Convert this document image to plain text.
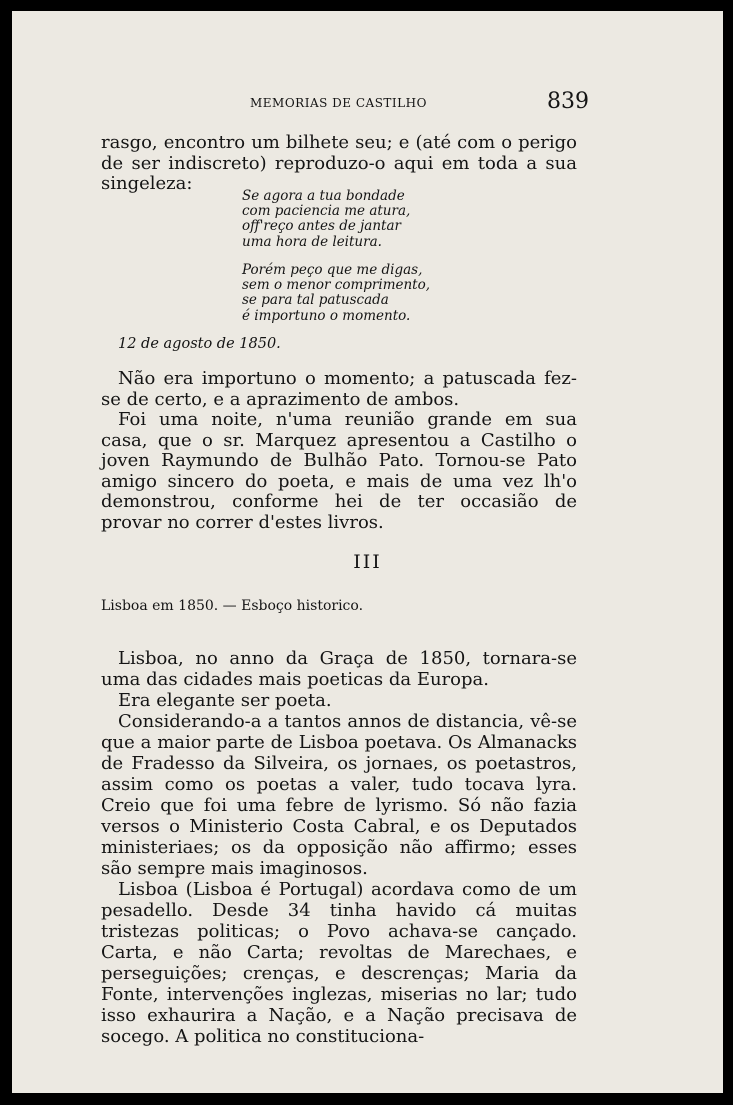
MEMORIAS DE CASTILHO	839

rasgo, encontro um bilhete seu; e (até com o perigo de ser indiscreto) reproduzo-o aqui em toda a sua singeleza:

Se agora a tua bondade
com paciencia me atura,
off'reço antes de jantar
uma hora de leitura.
Porém peço que me digas,
sem o menor comprimento,
se para tal patuscada
é importuno o momento.
12 de agosto de 1850.

Não era importuno o momento; a patuscada fez-se de certo, e a aprazimento de ambos.

Foi uma noite, n'uma reunião grande em sua casa, que o sr. Marquez apresentou a Castilho o joven Raymundo de Bulhão Pato. Tornou-se Pato amigo sincero do poeta, e mais de uma vez lh'o demonstrou, conforme hei de ter occasião de provar no correr d'estes livros.

III
Lisboa em 1850. — Esboço historico.

Lisboa, no anno da Graça de 1850, tornara-se uma das cidades mais poeticas da Europa.

Era elegante ser poeta.

Considerando-a a tantos annos de distancia, vê-se que a maior parte de Lisboa poetava. Os Almanacks de Fradesso da Silveira, os jornaes, os poetastros, assim como os poetas a valer, tudo tocava lyra. Creio que foi uma febre de lyrismo. Só não fazia versos o Ministerio Costa Cabral, e os Deputados ministeriaes; os da opposição não affirmo; esses são sempre mais imaginosos.

Lisboa (Lisboa é Portugal) acordava como de um pesadello. Desde 34 tinha havido cá muitas tristezas politicas; o Povo achava-se cançado. Carta, e não Carta; revoltas de Marechaes, e perseguições; crenças, e descrenças; Maria da Fonte, intervenções inglezas, miserias no lar; tudo isso exhaurira a Nação, e a Nação precisava de socego. A politica no constituciona-
